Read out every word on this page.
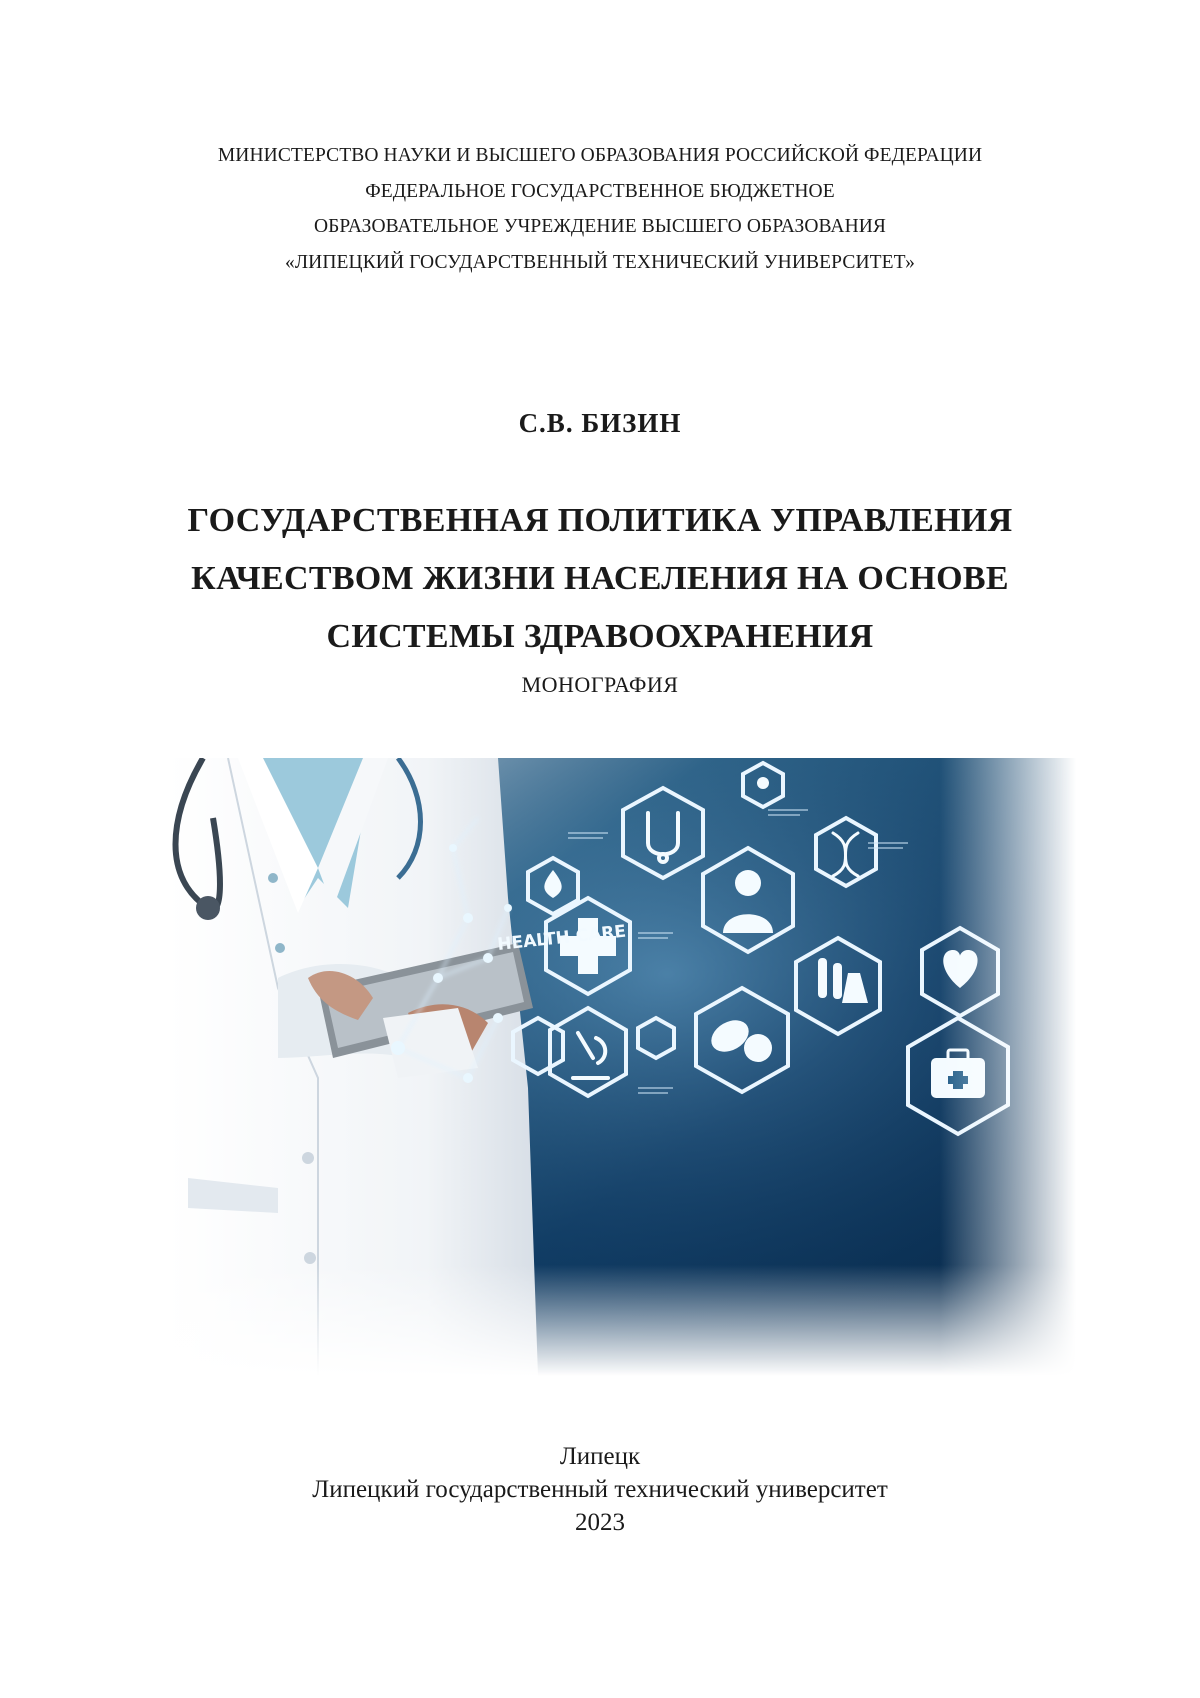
МИНИСТЕРСТВО НАУКИ И ВЫСШЕГО ОБРАЗОВАНИЯ РОССИЙСКОЙ ФЕДЕРАЦИИ
ФЕДЕРАЛЬНОЕ ГОСУДАРСТВЕННОЕ БЮДЖЕТНОЕ
ОБРАЗОВАТЕЛЬНОЕ УЧРЕЖДЕНИЕ ВЫСШЕГО ОБРАЗОВАНИЯ
«ЛИПЕЦКИЙ ГОСУДАРСТВЕННЫЙ ТЕХНИЧЕСКИЙ УНИВЕРСИТЕТ»
С.В. БИЗИН
ГОСУДАРСТВЕННАЯ ПОЛИТИКА УПРАВЛЕНИЯ
КАЧЕСТВОМ ЖИЗНИ НАСЕЛЕНИЯ НА ОСНОВЕ
СИСТЕМЫ ЗДРАВООХРАНЕНИЯ
МОНОГРАФИЯ
Липецк
Липецкий государственный технический университет
2023
